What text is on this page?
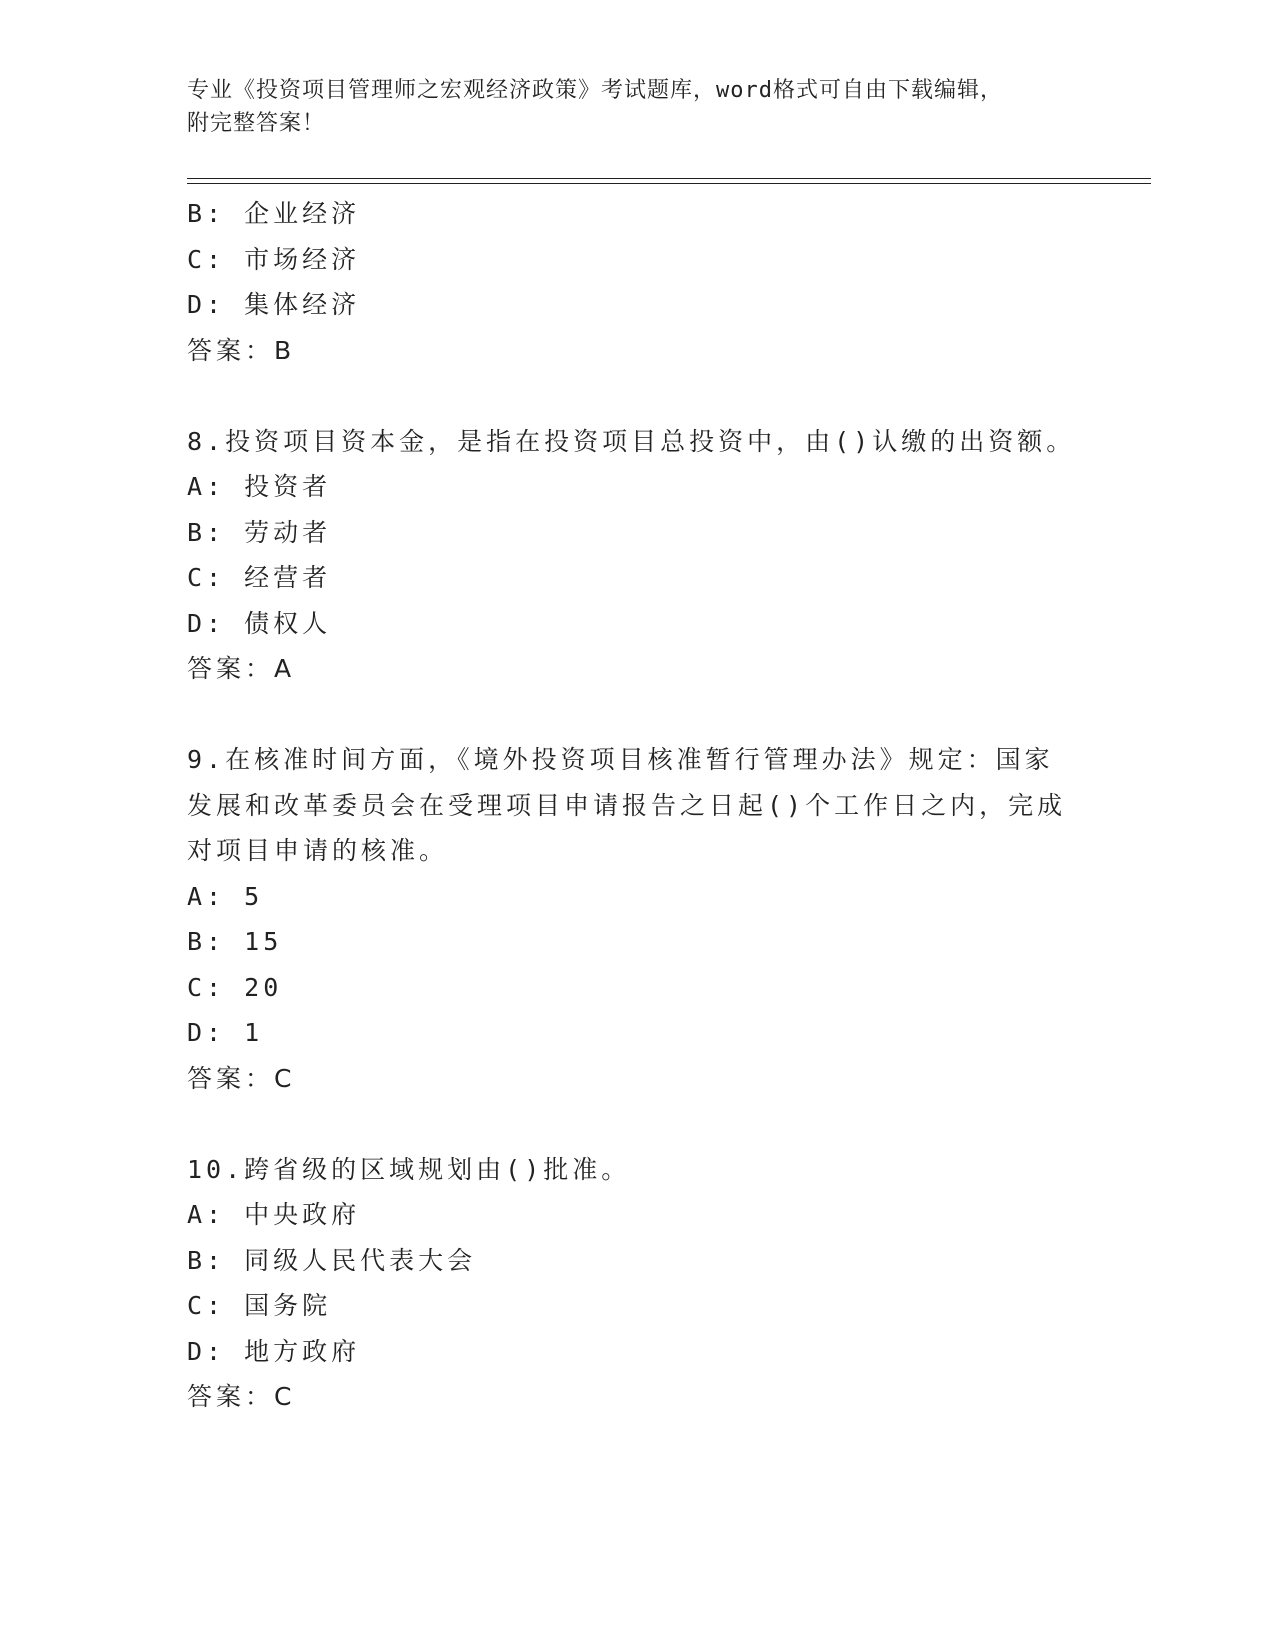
专业《投资项目管理师之宏观经济政策》考试题库，word格式可自由下载编辑，
附完整答案！
B: 企业经济
C: 市场经济
D: 集体经济
答案：B
8.投资项目资本金，是指在投资项目总投资中，由()认缴的出资额。
A: 投资者
B: 劳动者
C: 经营者
D: 债权人
答案：A
9.在核准时间方面，《境外投资项目核准暂行管理办法》规定：国家
发展和改革委员会在受理项目申请报告之日起()个工作日之内，完成
对项目申请的核准。
A: 5
B: 15
C: 20
D: 1
答案：C
10.跨省级的区域规划由()批准。
A: 中央政府
B: 同级人民代表大会
C: 国务院
D: 地方政府
答案：C
